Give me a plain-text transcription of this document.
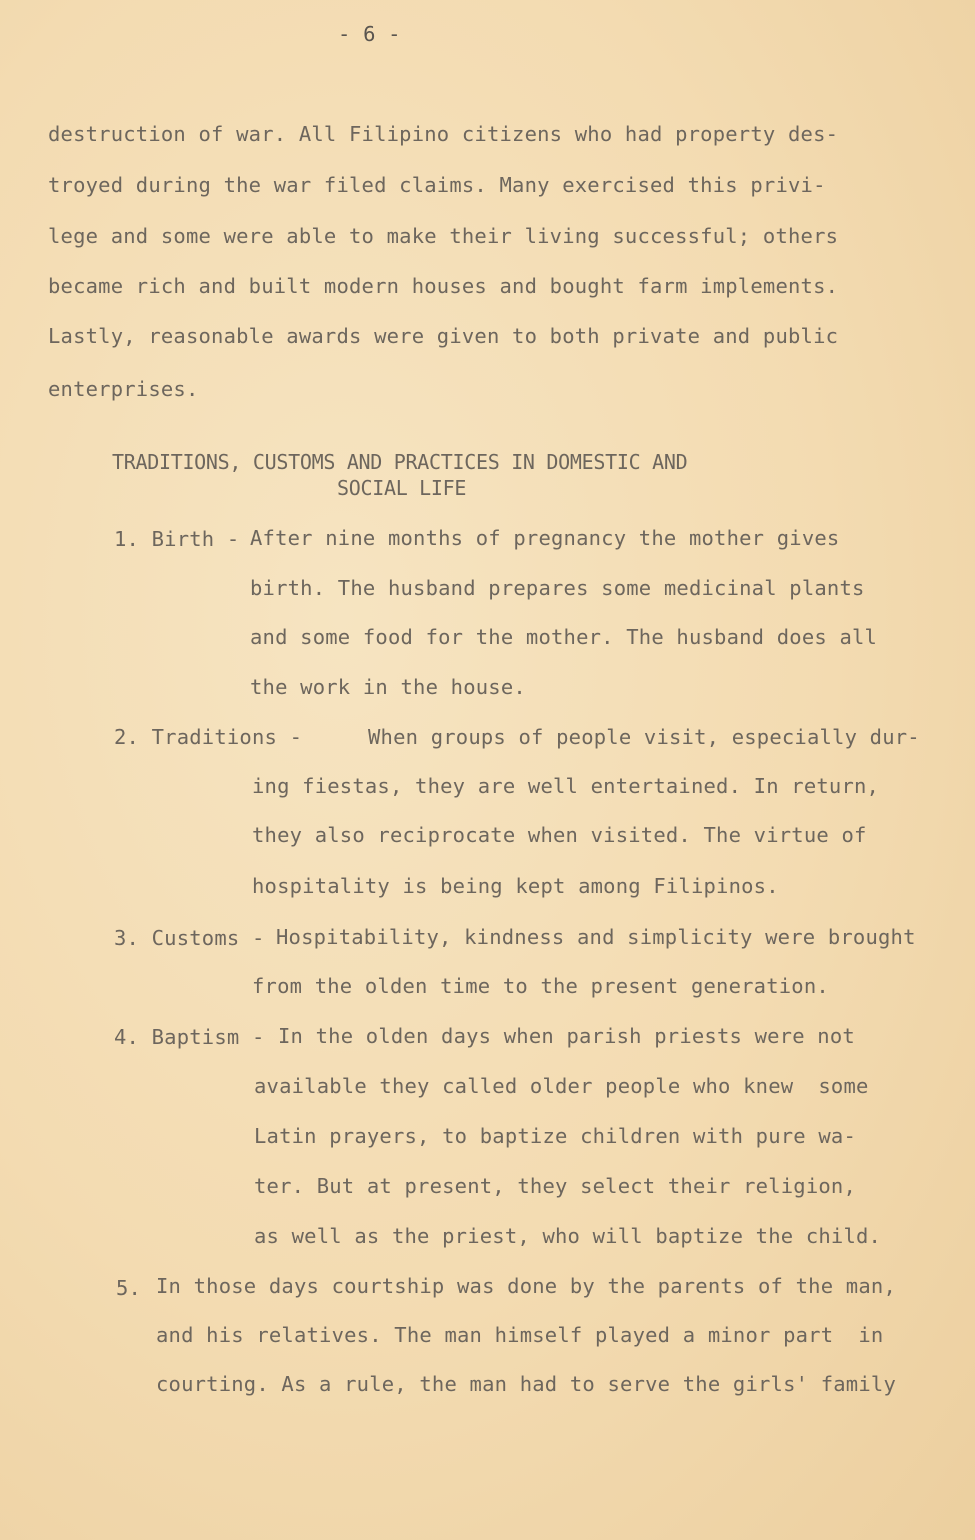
- 6 -
destruction of war. All Filipino citizens who had property des-
troyed during the war filed claims. Many exercised this privi-
lege and some were able to make their living successful; others
became rich and built modern houses and bought farm implements.
Lastly, reasonable awards were given to both private and public
enterprises.
TRADITIONS, CUSTOMS AND PRACTICES IN DOMESTIC AND
SOCIAL LIFE
1. Birth -
After nine months of pregnancy the mother gives
birth. The husband prepares some medicinal plants
and some food for the mother. The husband does all
the work in the house.
2. Traditions -	When groups of people visit, especially dur-
ing fiestas, they are well entertained. In return,
they also reciprocate when visited. The virtue of
hospitality is being kept among Filipinos.
3. Customs -
Hospitability, kindness and simplicity were brought
from the olden time to the present generation.
4. Baptism - In the olden days when parish priests were not
available they called older people who knew  some
Latin prayers, to baptize children with pure wa-
ter. But at present, they select their religion,
as well as the priest, who will baptize the child.
5. In those days courtship was done by the parents of the man,
and his relatives. The man himself played a minor part  in
courting. As a rule, the man had to serve the girls' family
